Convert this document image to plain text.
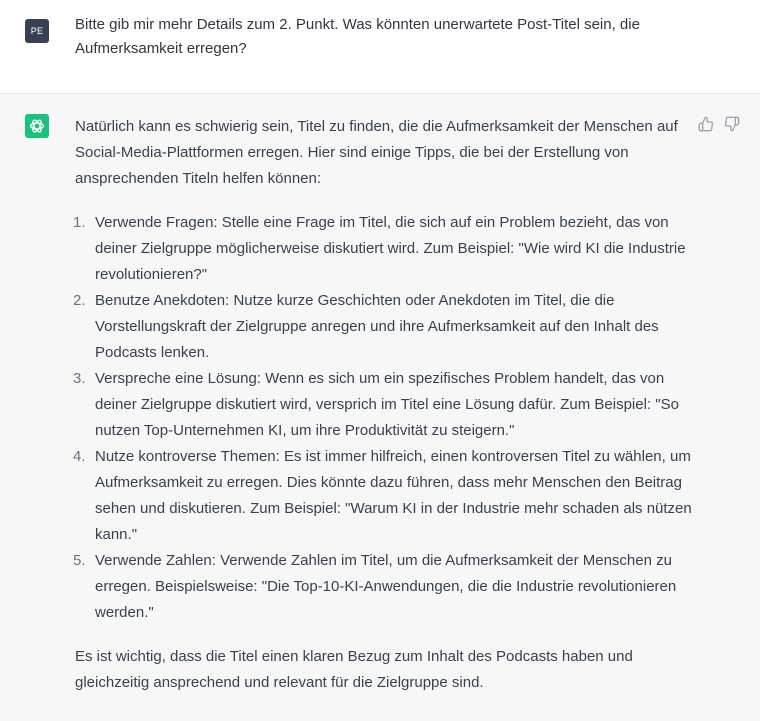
PE	Bitte gib mir mehr Details zum 2. Punkt. Was könnten unerwartete Post-Titel sein, die Aufmerksamkeit erregen?

Natürlich kann es schwierig sein, Titel zu finden, die die Aufmerksamkeit der Menschen auf Social-Media-Plattformen erregen. Hier sind einige Tipps, die bei der Erstellung von ansprechenden Titeln helfen können:

1. Verwende Fragen: Stelle eine Frage im Titel, die sich auf ein Problem bezieht, das von deiner Zielgruppe möglicherweise diskutiert wird. Zum Beispiel: "Wie wird KI die Industrie revolutionieren?"
2. Benutze Anekdoten: Nutze kurze Geschichten oder Anekdoten im Titel, die die Vorstellungskraft der Zielgruppe anregen und ihre Aufmerksamkeit auf den Inhalt des Podcasts lenken.
3. Verspreche eine Lösung: Wenn es sich um ein spezifisches Problem handelt, das von deiner Zielgruppe diskutiert wird, versprich im Titel eine Lösung dafür. Zum Beispiel: "So nutzen Top-Unternehmen KI, um ihre Produktivität zu steigern."
4. Nutze kontroverse Themen: Es ist immer hilfreich, einen kontroversen Titel zu wählen, um Aufmerksamkeit zu erregen. Dies könnte dazu führen, dass mehr Menschen den Beitrag sehen und diskutieren. Zum Beispiel: "Warum KI in der Industrie mehr schaden als nützen kann."
5. Verwende Zahlen: Verwende Zahlen im Titel, um die Aufmerksamkeit der Menschen zu erregen. Beispielsweise: "Die Top-10-KI-Anwendungen, die die Industrie revolutionieren werden."

Es ist wichtig, dass die Titel einen klaren Bezug zum Inhalt des Podcasts haben und gleichzeitig ansprechend und relevant für die Zielgruppe sind.
